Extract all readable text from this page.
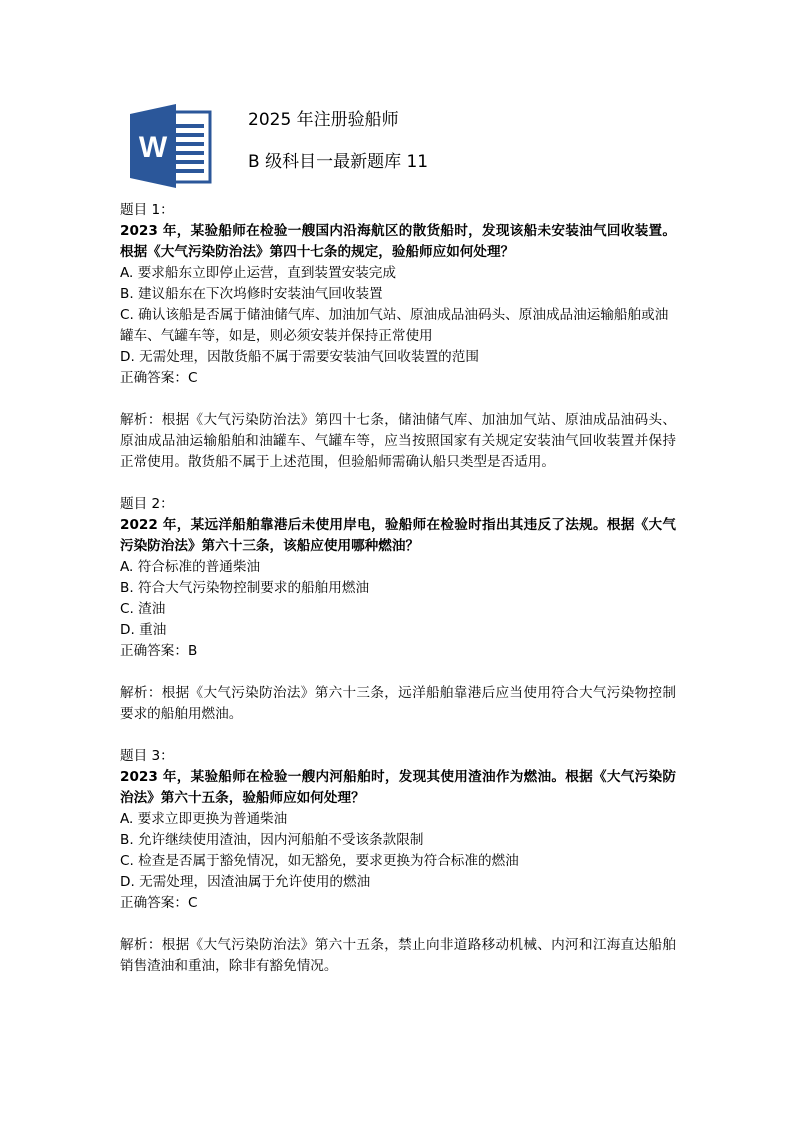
W
2025 年注册验船师
B 级科目一最新题库 11
题目 1：
2023 年，某验船师在检验一艘国内沿海航区的散货船时，发现该船未安装油气回收装置。根据《大气污染防治法》第四十七条的规定，验船师应如何处理？
A. 要求船东立即停止运营，直到装置安装完成
B. 建议船东在下次坞修时安装油气回收装置
C. 确认该船是否属于储油储气库、加油加气站、原油成品油码头、原油成品油运输船舶或油罐车、气罐车等，如是，则必须安装并保持正常使用
D. 无需处理，因散货船不属于需要安装油气回收装置的范围
正确答案：C
解析：根据《大气污染防治法》第四十七条，储油储气库、加油加气站、原油成品油码头、原油成品油运输船舶和油罐车、气罐车等，应当按照国家有关规定安装油气回收装置并保持正常使用。散货船不属于上述范围，但验船师需确认船只类型是否适用。
题目 2：
2022 年，某远洋船舶靠港后未使用岸电，验船师在检验时指出其违反了法规。根据《大气污染防治法》第六十三条，该船应使用哪种燃油？
A. 符合标准的普通柴油
B. 符合大气污染物控制要求的船舶用燃油
C. 渣油
D. 重油
正确答案：B
解析：根据《大气污染防治法》第六十三条，远洋船舶靠港后应当使用符合大气污染物控制要求的船舶用燃油。
题目 3：
2023 年，某验船师在检验一艘内河船舶时，发现其使用渣油作为燃油。根据《大气污染防治法》第六十五条，验船师应如何处理？
A. 要求立即更换为普通柴油
B. 允许继续使用渣油，因内河船舶不受该条款限制
C. 检查是否属于豁免情况，如无豁免，要求更换为符合标准的燃油
D. 无需处理，因渣油属于允许使用的燃油
正确答案：C
解析：根据《大气污染防治法》第六十五条，禁止向非道路移动机械、内河和江海直达船舶销售渣油和重油，除非有豁免情况。
